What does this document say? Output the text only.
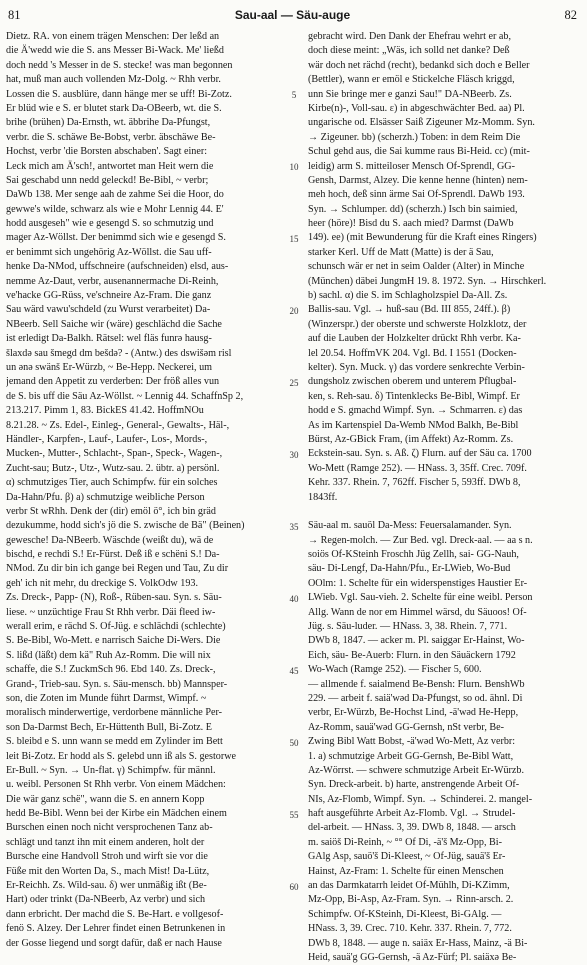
81	Sau-aal — Säu-auge	82
Dietz. RA. von einem trägen Menschen: Der leßd an
die Ä'wedd wie die S. ans Messer Bi-Wack. Me' ließd
doch nedd 's Messer in de S. stecke! was man begonnen
hat, muß man auch vollenden Mz-Dolg. ~ Rhh verbr.
Lossen die S. ausblüre, dann hänge mer se uff! Bi-Zotz.
Er blüd wie e S. er blutet stark Da-OBeerb, wt. die S.
brihe (brühen) Da-Ernsth, wt. äbbrihe Da-Pfungst,
verbr. die S. schäwe Be-Bobst, verbr. äbschäwe Be-
Hochst, verbr 'die Borsten abschaben'. Sagt einer:
Leck mich am Ä'sch!, antwortet man Heit wern die
Sai geschabd unn nedd geleckd! Be-Bibl, ~ verbr;
DaWb 138. Mer senge aah de zahme Sei die Hoor, do
gewwe's wilde, schwarz als wie e Mohr Lennig 44. E'
hodd ausgeseh" wie e gesengd S. so schmutzig und
mager Az-Wöllst. Der benimmd sich wie e gesengd S.
er benimmt sich ungehörig Az-Wöllst. die Sau uff-
henke Da-NMod, uffschneire (aufschneiden) elsd, aus-
nemme Az-Daut, verbr, ausenannermache Di-Reinh,
ve'hacke GG-Rüss, ve'schneire Az-Fram. Die ganz
Sau wärd vawu'schdeld (zu Wurst verarbeitet) Da-
NBeerb. Sell Saiche wir (wäre) geschlächd die Sache
ist erledigt Da-Balkh. Rätsel: wel fläs funrə hausg-
šlaxdə sau šmegd dm bešdə? - (Antw.) des dswišəm risl
un ənə swänš Er-Würzb, ~ Be-Hepp. Neckerei, um
jemand den Appetit zu verderben: Der fröß alles vun
de S. bis uff die Säu Az-Wöllst. ~ Lennig 44. SchaffnSp 2,
213.217. Pimm 1, 83. BickES 41.42. HoffmNOu
8.21.28. ~ Zs. Edel-, Einleg-, General-, Gewalts-, Häl-,
Händler-, Karpfen-, Lauf-, Laufer-, Los-, Mords-,
Mucken-, Mutter-, Schlacht-, Span-, Speck-, Wagen-,
Zucht-sau; Butz-, Utz-, Wutz-sau. 2. übtr. a) persönl.
α) schmutziges Tier, auch Schimpfw. für ein solches
Da-Hahn/Pfu. β) a) schmutzige weibliche Person
verbr St wRhh. Denk der (dir) emöl ö°, ich bin gräd
dezukumme, hodd sich's jö die S. zwische de Bä" (Beinen)
gewesche! Da-NBeerb. Wäschde (weißt du), wä de
bischd, e rechdi S.! Er-Fürst. Deß iß e schëni S.! Da-
NMod. Zu dir bin ich gange bei Regen und Tau, Zu dir
geh' ich nit mehr, du dreckige S. VolkOdw 193.
Zs. Dreck-, Papp- (N), Roß-, Rüben-sau. Syn. s. Säu-
liese. ~ unzüchtige Frau St Rhh verbr. Däi fleed iw-
werall erim, e rächd S. Of-Jüg. e schlächdi (schlechte)
S. Be-Bibl, Wo-Mett. e narrisch Saiche Di-Wers. Die
S. lißd (läßt) dem kä" Ruh Az-Romm. Die will nix
schaffe, die S.! ZuckmSch 96. Ebd 140. Zs. Dreck-,
Grand-, Trieb-sau. Syn. s. Säu-mensch. bb) Mannsper-
son, die Zoten im Munde führt Darmst, Wimpf. ~
moralisch minderwertige, verdorbene männliche Per-
son Da-Darmst Bech, Er-Hüttenth Bull, Bi-Zotz. E
S. bleibd e S. unn wann se medd em Zylinder im Bett
leit Bi-Zotz. Er hodd als S. gelebd unn iß als S. gestorwe
Er-Bull. ~ Syn. → Un-flat. γ) Schimpfw. für männl.
u. weibl. Personen St Rhh verbr. Von einem Mädchen:
Die wär ganz schë", wann die S. en annern Kopp
hedd Be-Bibl. Wenn bei der Kirbe ein Mädchen einem
Burschen einen noch nicht versprochenen Tanz ab-
schlägt und tanzt ihn mit einem anderen, holt der
Bursche eine Handvoll Stroh und wirft sie vor die
Füße mit den Worten Da, S., mach Mist! Da-Lütz,
Er-Reichh. Zs. Wild-sau. δ) wer unmäßig ißt (Be-
Hart) oder trinkt (Da-NBeerb, Az verbr) und sich
dann erbricht. Der machd die S. Be-Hart. e vollgesof-
fenö S. Alzey. Der Lehrer findet einen Betrunkenen in
der Gosse liegend und sorgt dafür, daß er nach Hause
5
10
15
20
25
30
35
40
45
50
55
60
gebracht wird. Den Dank der Ehefrau wehrt er ab,
doch diese meint: „Wäs, ich solld net danke? Deß
wär doch net rächd (recht), bedankd sich doch e Beller
(Bettler), wann er emöl e Stickelche Fläsch kriggd,
unn Sie bringe mer e ganzi Sau!" DA-NBeerb. Zs.
Kirbe(n)-, Voll-sau. ε) in abgeschwächter Bed. aa) Pl.
ungarische od. Elsässer Saiß Zigeuner Mz-Momm. Syn.
→ Zigeuner. bb) (scherzh.) Toben: in dem Reim Die
Schul gehd aus, die Sai kumme raus Bi-Heid. cc) (mit-
leidig) arm S. mitteiloser Mensch Of-Sprendl, GG-
Gensh, Darmst, Alzey. Die kenne henne (hinten) nem-
meh hoch, deß sinn ärme Sai Of-Sprendl. DaWb 193.
Syn. → Schlumper. dd) (scherzh.) Isch bin saimied,
heer (höre)! Bisd du S. aach mied? Darmst (DaWb
149). ee) (mit Bewunderung für die Kraft eines Ringers)
starker Kerl. Uff de Matt (Matte) is der ä Sau,
schunsch wär er net in seim Oalder (Alter) in Minche
(München) däbei JungmH 19. 8. 1972. Syn. → Hirschkerl.
b) sachl. α) die S. im Schlagholzspiel Da-All. Zs.
Ballis-sau. Vgl. → huß-sau (Bd. III 855, 24ff.). β)
(Winzerspr.) der oberste und schwerste Holzklotz, der
auf die Lauben der Holzkelter drückt Rhh verbr. Ka-
lel 20.54. HoffmVK 204. Vgl. Bd. I 1551 (Docken-
kelter). Syn. Muck. γ) das vordere senkrechte Verbin-
dungsholz zwischen oberem und unterem Pflugbal-
ken, s. Reh-sau. δ) Tintenklecks Be-Bibl, Wimpf. Er
hodd e S. gmachd Wimpf. Syn. → Schmarren. ε) das
As im Kartenspiel Da-Wemb NMod Balkh, Be-Bibl
Bürst, Az-GBick Fram, (im Affekt) Az-Romm. Zs.
Eckstein-sau. Syn. s. Aß. ζ) Flurn. auf der Säu ca. 1700
Wo-Mett (Ramge 252). — HNass. 3, 35ff. Crec. 709f.
Kehr. 337. Rhein. 7, 762ff. Fischer 5, 593ff. DWb 8,
1843ff.
Säu-aal m. sauöl Da-Mess: Feuersalamander. Syn.
→ Regen-molch. — Zur Bed. vgl. Dreck-aal. — aa s n.
soiös Of-KSteinh Froschh Jüg Zellh, sai- GG-Nauh,
säu- Di-Lengf, Da-Hahn/Pfu., Er-LWieb, Wo-Bud
OOlm: 1. Schelte für ein widerspenstiges Haustier Er-
LWieb. Vgl. Sau-vieh. 2. Schelte für eine weibl. Person
Allg. Wann de nor em Himmel wärsd, du Säuoos! Of-
Jüg. s. Säu-luder. — HNass. 3, 38. Rhein. 7, 771.
DWb 8, 1847. — acker m. Pl. saiggər Er-Hainst, Wo-
Eich, säu- Be-Auerb: Flurn. in den Säuäckern 1792
Wo-Wach (Ramge 252). — Fischer 5, 600.
— allmende f. saialmend Be-Bensh: Flurn. BenshWb
229. — arbeit f. saiä'wəd Da-Pfungst, so od. ähnl. Di
verbr, Er-Würzb, Be-Hochst Lind, -ä'wəd He-Hepp,
Az-Romm, sauä'wəd GG-Gernsh, nSt verbr, Be-
Zwing Bibl Watt Bobst, -ä'wəd Wo-Mett, Az verbr:
1. a) schmutzige Arbeit GG-Gernsh, Be-Bibl Watt,
Az-Wörrst. — schwere schmutzige Arbeit Er-Würzb.
Syn. Dreck-arbeit. b) harte, anstrengende Arbeit Of-
NIs, Az-Flomb, Wimpf. Syn. → Schinderei. 2. mangel-
haft ausgeführte Arbeit Az-Flomb. Vgl. → Strudel-
del-arbeit. — HNass. 3, 39. DWb 8, 1848. — arsch
m. saiöš Di-Reinh, ~ °° Of Di, -ä'š Mz-Opp, Bi-
GAlg Asp, sauö'š Di-Kleest, ~ Of-Jüg, sauä'š Er-
Hainst, Az-Fram: 1. Schelte für einen Menschen
an das Darmkatarrh leidet Of-Mühlh, Di-KZimm,
Mz-Opp, Bi-Asp, Az-Fram. Syn. → Rinn-arsch. 2.
Schimpfw. Of-KSteinh, Di-Kleest, Bi-GAlg. —
HNass. 3, 39. Crec. 710. Kehr. 337. Rhein. 7, 772.
DWb 8, 1848. — auge n. saiäx Er-Hass, Mainz, -ä Bi-
Heid, sauä'g GG-Gernsh, -ä Az-Fürf; Pl. saiäxə Be-
